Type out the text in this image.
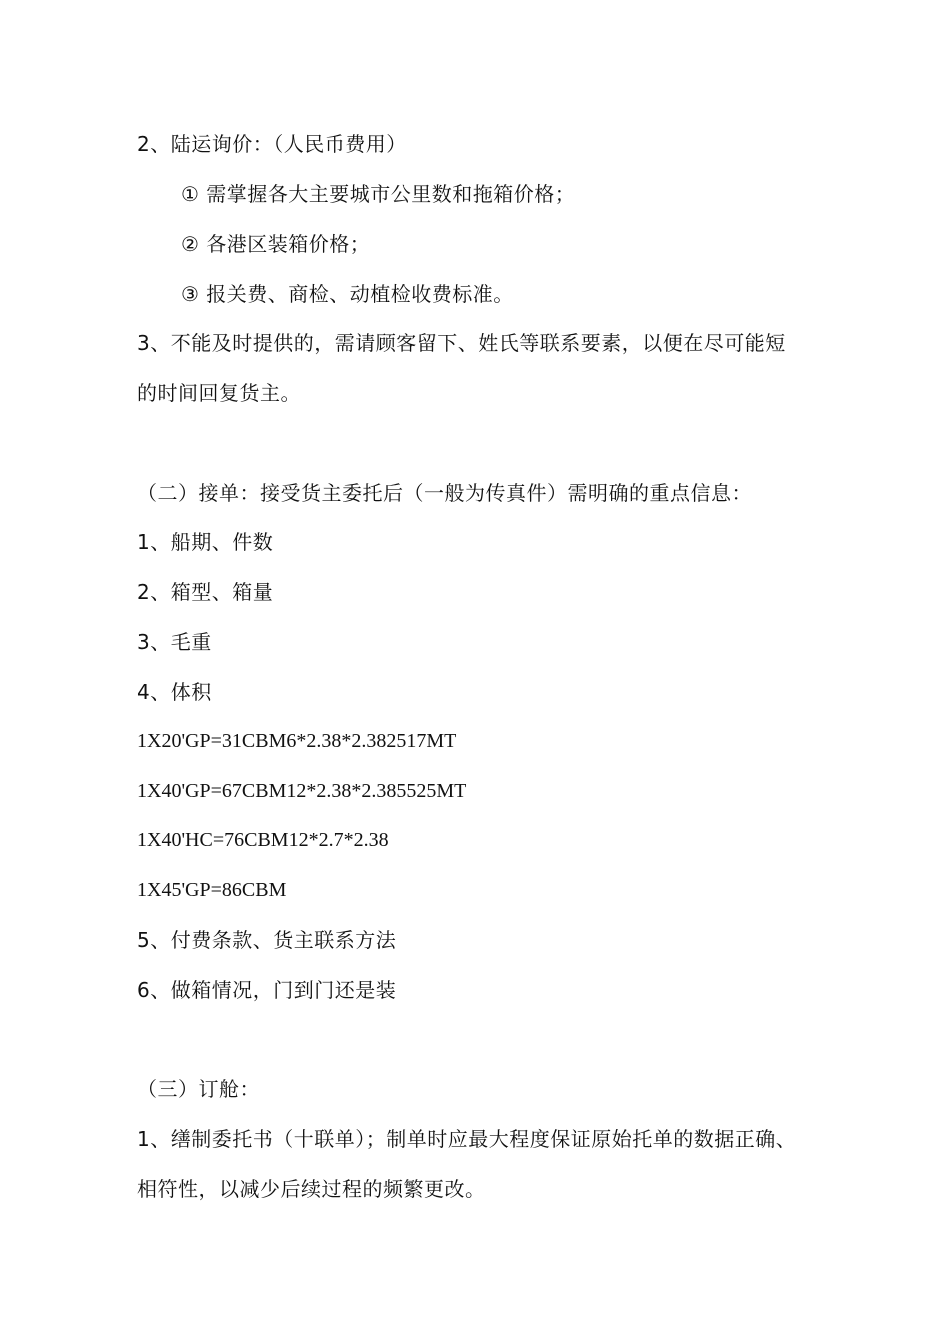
2、陆运询价：（人民币费用）
① 需掌握各大主要城市公里数和拖箱价格；
② 各港区装箱价格；
③ 报关费、商检、动植检收费标准。
3、不能及时提供的，需请顾客留下、姓氏等联系要素，以便在尽可能短
的时间回复货主。
（二）接单：接受货主委托后（一般为传真件）需明确的重点信息：
1、船期、件数
2、箱型、箱量
3、毛重
4、体积
1X20'GP=31CBM6*2.38*2.382517MT
1X40'GP=67CBM12*2.38*2.385525MT
1X40'HC=76CBM12*2.7*2.38
1X45'GP=86CBM
5、付费条款、货主联系方法
6、做箱情况，门到门还是装
（三）订舱：
1、缮制委托书（十联单）；制单时应最大程度保证原始托单的数据正确、
相符性，以减少后续过程的频繁更改。
